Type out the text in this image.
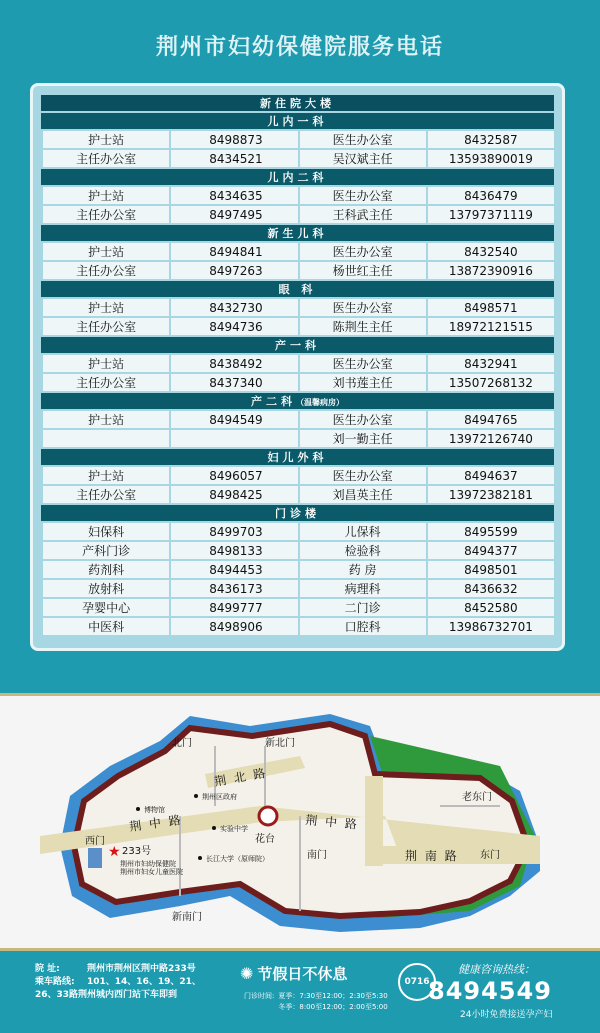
荆州市妇幼保健院服务电话
新住院大楼			
儿内一科			
护士站	8498873	医生办公室	8432587
主任办公室	8434521	吴汉斌主任	13593890019
儿内二科			
护士站	8434635	医生办公室	8436479
主任办公室	8497495	王科武主任	13797371119
新生儿科			
护士站	8494841	医生办公室	8432540
主任办公室	8497263	杨世红主任	13872390916
眼 科			
护士站	8432730	医生办公室	8498571
主任办公室	8494736	陈荆生主任	18972121515
产一科			
护士站	8438492	医生办公室	8432941
主任办公室	8437340	刘书莲主任	13507268132
产二科（温馨病房）			
护士站	8494549	医生办公室	8494765
		刘一勤主任	13972126740
妇儿外科			
护士站	8496057	医生办公室	8494637
主任办公室	8498425	刘昌英主任	13972382181
门诊楼			
妇保科	8499703	儿保科	8495599
产科门诊	8498133	检验科	8494377
药剂科	8494453	药 房	8498501
放射科	8436173	病理科	8436632
孕婴中心	8499777	二门诊	8452580
中医科	8498906	口腔科	13986732701
北门	新北门
老东门
西门
南门	东门
新南门
荆 北 路
荆 中 路	荆 中 路
荆 南 路
博物馆
荆州区政府
实验中学
花台
长江大学（原师院）
★ 233号
荆州市妇幼保健院
荆州市妇女儿童医院
院 址:	荆州市荆州区荆中路233号
乘车路线: 101、14、16、19、21、
26、33路荆州城内西门站下车即到
✺ 节假日不休息
门诊时间: 夏季：7:30至12:00；2:30至5:30
冬季：8:00至12:00；2:00至5:00
0716
健康咨询热线：
8494549
24小时免费接送孕产妇
